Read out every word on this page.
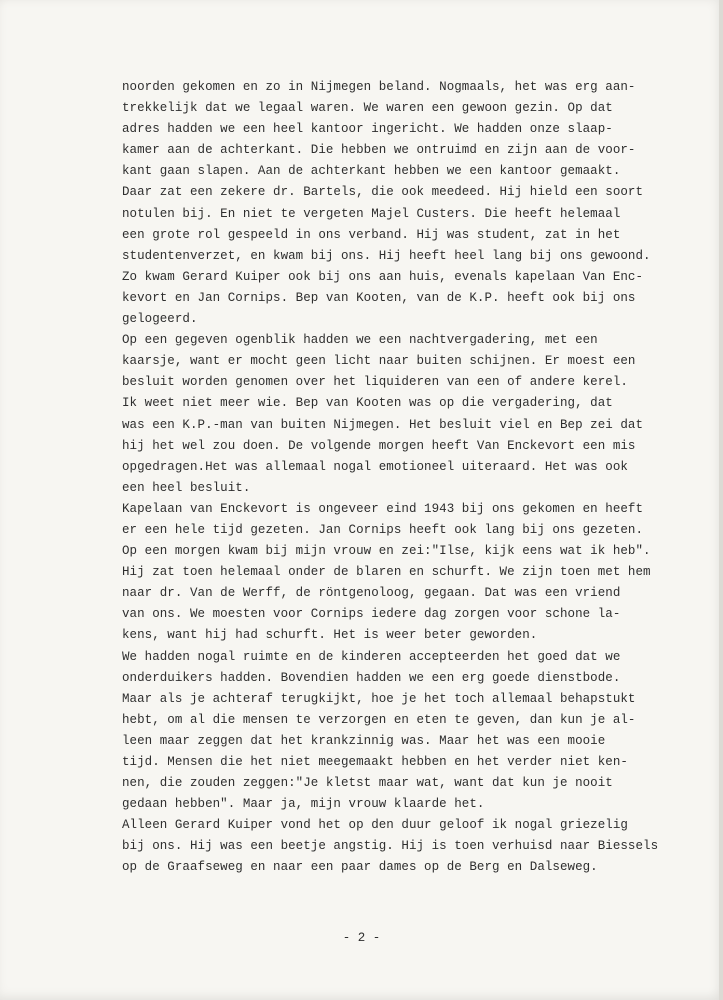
noorden gekomen en zo in Nijmegen beland. Nogmaals, het was erg aan-
trekkelijk dat we legaal waren. We waren een gewoon gezin. Op dat
adres hadden we een heel kantoor ingericht. We hadden onze slaap-
kamer aan de achterkant. Die hebben we ontruimd en zijn aan de voor-
kant gaan slapen. Aan de achterkant hebben we een kantoor gemaakt.
Daar zat een zekere dr. Bartels, die ook meedeed. Hij hield een soort
notulen bij. En niet te vergeten Majel Custers. Die heeft helemaal
een grote rol gespeeld in ons verband. Hij was student, zat in het
studentenverzet, en kwam bij ons. Hij heeft heel lang bij ons gewoond.
Zo kwam Gerard Kuiper ook bij ons aan huis, evenals kapelaan Van Enc-
kevort en Jan Cornips. Bep van Kooten, van de K.P. heeft ook bij ons
gelogeerd.
Op een gegeven ogenblik hadden we een nachtvergadering, met een
kaarsje, want er mocht geen licht naar buiten schijnen. Er moest een
besluit worden genomen over het liquideren van een of andere kerel.
Ik weet niet meer wie. Bep van Kooten was op die vergadering, dat
was een K.P.-man van buiten Nijmegen. Het besluit viel en Bep zei dat
hij het wel zou doen. De volgende morgen heeft Van Enckevort een mis
opgedragen.Het was allemaal nogal emotioneel uiteraard. Het was ook
een heel besluit.
Kapelaan van Enckevort is ongeveer eind 1943 bij ons gekomen en heeft
er een hele tijd gezeten. Jan Cornips heeft ook lang bij ons gezeten.
Op een morgen kwam bij mijn vrouw en zei:"Ilse, kijk eens wat ik heb".
Hij zat toen helemaal onder de blaren en schurft. We zijn toen met hem
naar dr. Van de Werff, de röntgenoloog, gegaan. Dat was een vriend
van ons. We moesten voor Cornips iedere dag zorgen voor schone la-
kens, want hij had schurft. Het is weer beter geworden.
We hadden nogal ruimte en de kinderen accepteerden het goed dat we
onderduikers hadden. Bovendien hadden we een erg goede dienstbode.
Maar als je achteraf terugkijkt, hoe je het toch allemaal behapstukt
hebt, om al die mensen te verzorgen en eten te geven, dan kun je al-
leen maar zeggen dat het krankzinnig was. Maar het was een mooie
tijd. Mensen die het niet meegemaakt hebben en het verder niet ken-
nen, die zouden zeggen:"Je kletst maar wat, want dat kun je nooit
gedaan hebben". Maar ja, mijn vrouw klaarde het.
Alleen Gerard Kuiper vond het op den duur geloof ik nogal griezelig
bij ons. Hij was een beetje angstig. Hij is toen verhuisd naar Biessels
op de Graafseweg en naar een paar dames op de Berg en Dalseweg.
- 2 -
